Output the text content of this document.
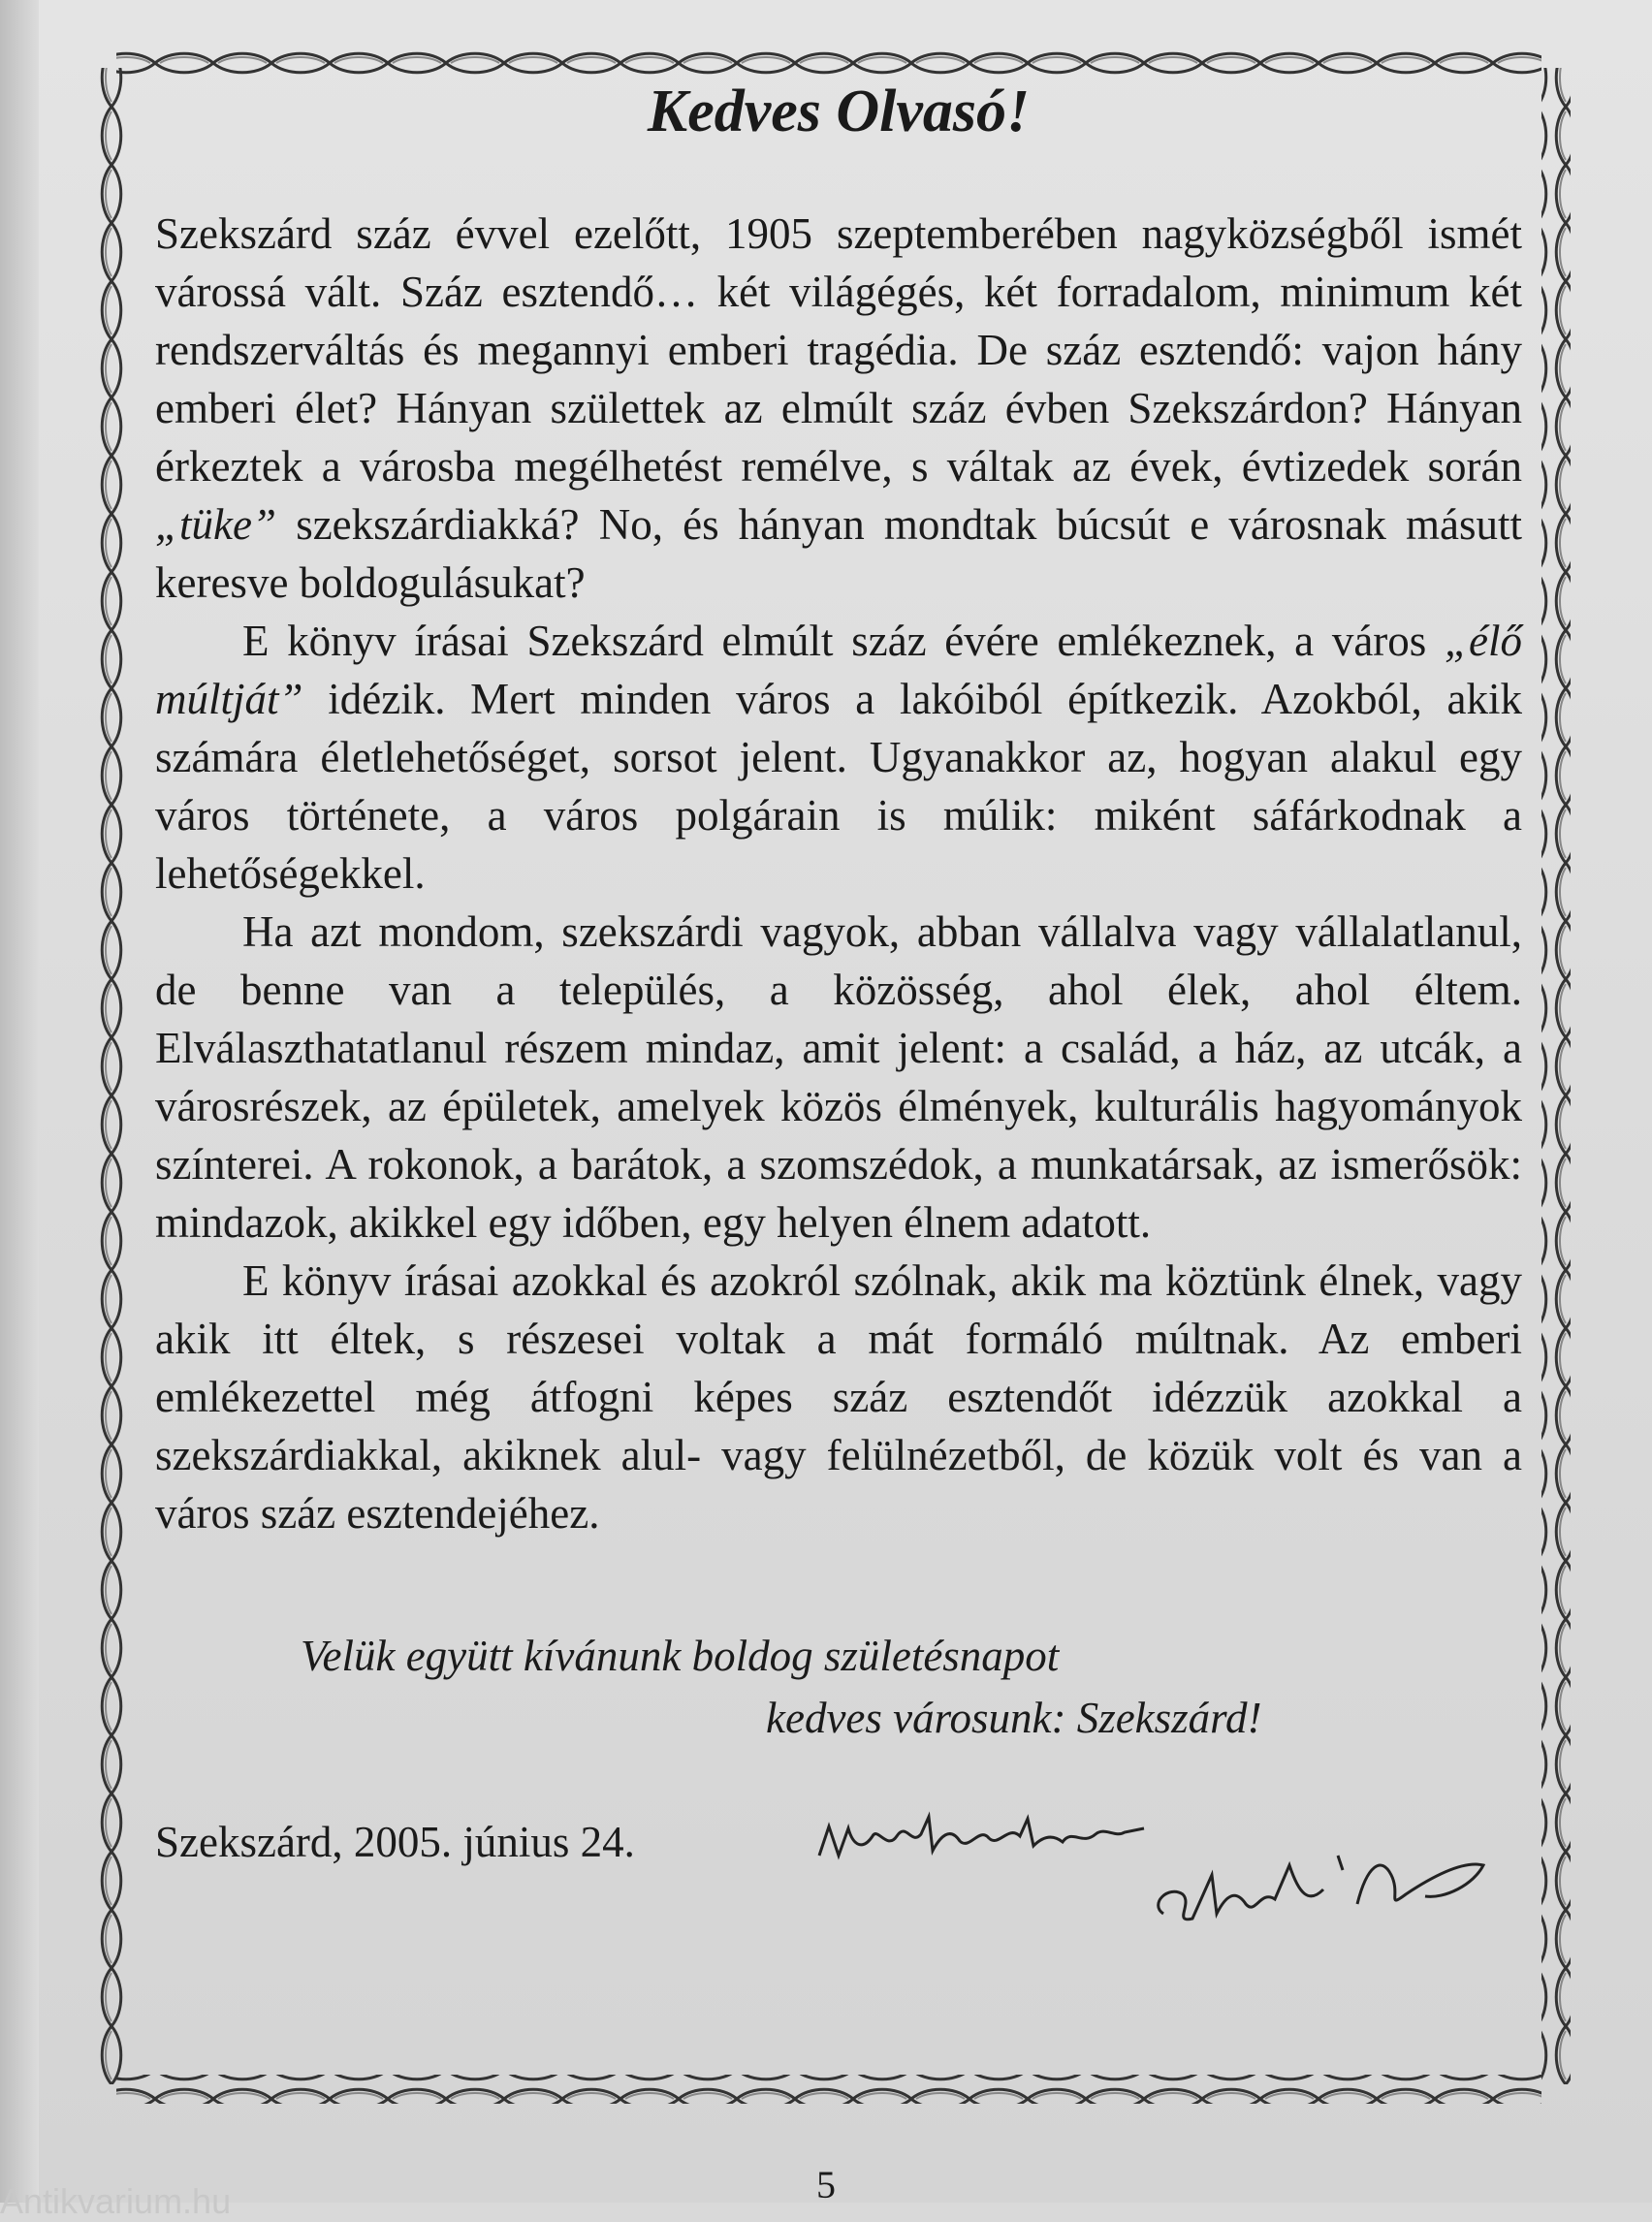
Kedves Olvasó!

Szekszárd száz évvel ezelőtt, 1905 szeptemberében nagyközségből ismét várossá vált. Száz esztendő… két világégés, két forradalom, minimum két rendszerváltás és megannyi emberi tragédia. De száz esztendő: vajon hány emberi élet? Hányan születtek az elmúlt száz évben Szekszárdon? Hányan érkeztek a városba megélhetést remélve, s váltak az évek, évtizedek során „tüke” szekszárdiakká? No, és hányan mondtak búcsút e városnak másutt keresve boldogulásukat?

E könyv írásai Szekszárd elmúlt száz évére emlékeznek, a város „élő múltját” idézik. Mert minden város a lakóiból építkezik. Azokból, akik számára életlehetőséget, sorsot jelent. Ugyanakkor az, hogyan alakul egy város története, a város polgárain is múlik: miként sáfárkodnak a lehetőségekkel.

Ha azt mondom, szekszárdi vagyok, abban vállalva vagy vállalatlanul, de benne van a település, a közösség, ahol élek, ahol éltem. Elválaszthatatlanul részem mindaz, amit jelent: a család, a ház, az utcák, a városrészek, az épületek, amelyek közös élmények, kulturális hagyományok színterei. A rokonok, a barátok, a szomszédok, a munkatársak, az ismerősök: mindazok, akikkel egy időben, egy helyen élnem adatott.

E könyv írásai azokkal és azokról szólnak, akik ma köztünk élnek, vagy akik itt éltek, s részesei voltak a mát formáló múltnak. Az emberi emlékezettel még átfogni képes száz esztendőt idézzük azokkal a szekszárdiakkal, akiknek alul- vagy felülnézetből, de közük volt és van a város száz esztendejéhez.

Velük együtt kívánunk boldog születésnapot
kedves városunk: Szekszárd!
Szekszárd, 2005. június 24.
5
Antikvarium.hu
